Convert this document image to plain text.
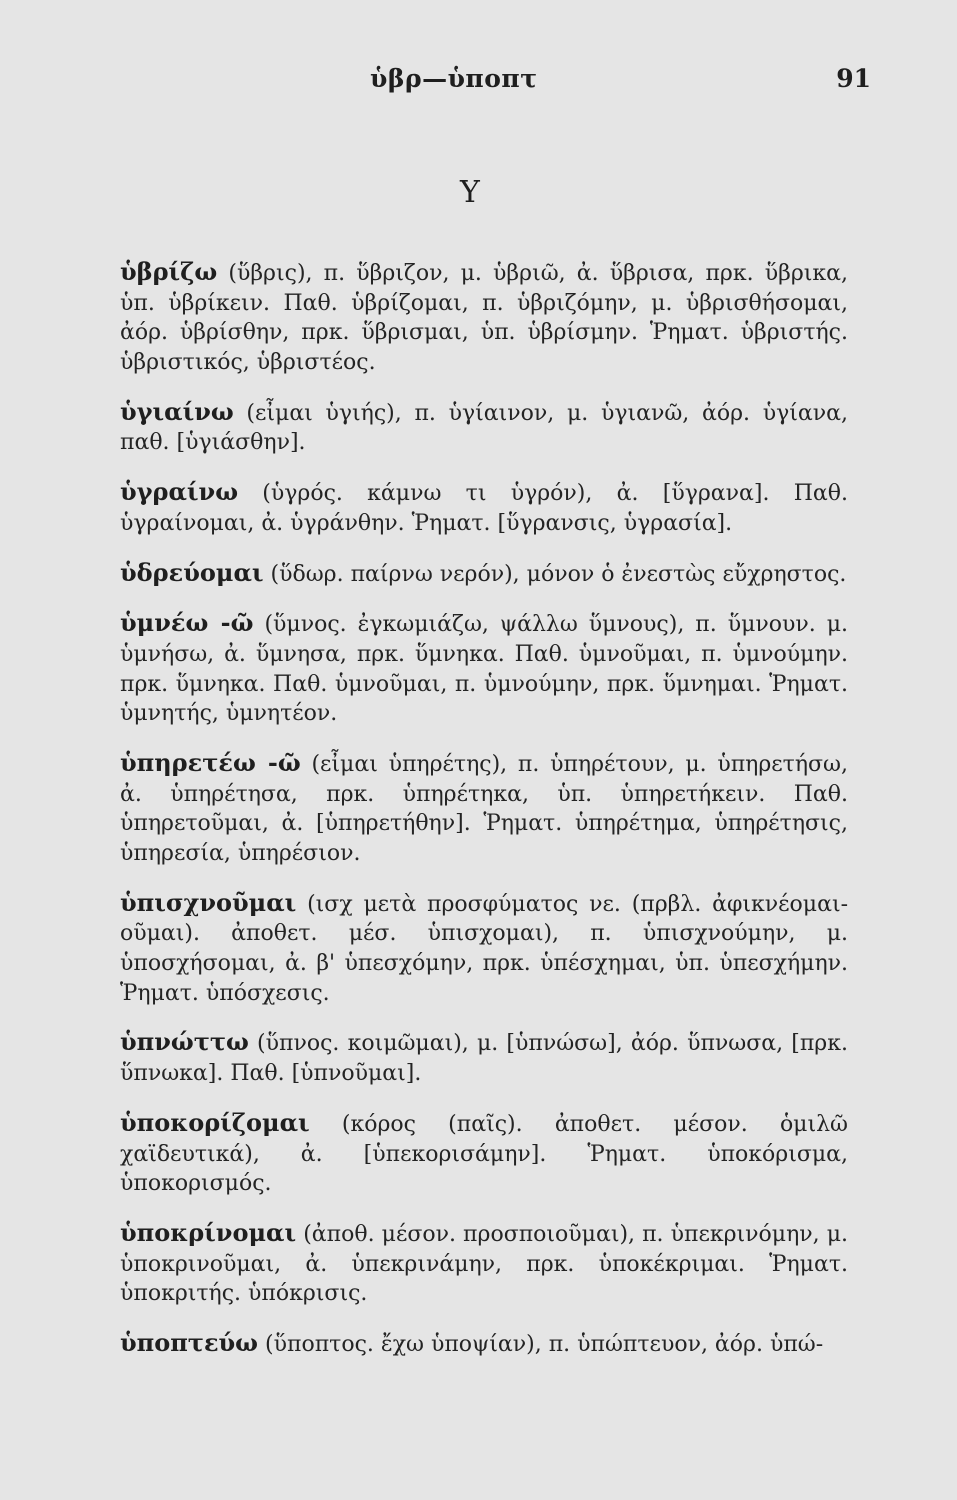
ὑβρ—ὑποπτ	91
Υ

ὑβρίζω (ὕβρις), π. ὕβριζον, μ. ὑβριῶ, ἀ. ὕβρισα, πρκ. ὕβρικα, ὑπ. ὑβρίκειν. Παθ. ὑβρίζομαι, π. ὑβριζόμην, μ. ὑβρισθήσομαι, ἀόρ. ὑβρίσθην, πρκ. ὕβρισμαι, ὑπ. ὑβρίσμην. Ῥηματ. ὑβριστής. ὑβριστικός, ὑβριστέος.

ὑγιαίνω (εἶμαι ὑγιής), π. ὑγίαινον, μ. ὑγιανῶ, ἀόρ. ὑγίανα, παθ. [ὑγιάσθην].

ὑγραίνω (ὑγρός. κάμνω τι ὑγρόν), ἀ. [ὕγρανα]. Παθ. ὑγραίνομαι, ἀ. ὑγράνθην. Ῥηματ. [ὕγρανσις, ὑγρασία].

ὑδρεύομαι (ὕδωρ. παίρνω νερόν), μόνον ὁ ἐνεστὼς εὔχρηστος.

ὑμνέω -ῶ (ὕμνος. ἐγκωμιάζω, ψάλλω ὕμνους), π. ὕμνουν. μ. ὑμνήσω, ἀ. ὕμνησα, πρκ. ὕμνηκα. Παθ. ὑμνοῦμαι, π. ὑμνούμην. πρκ. ὕμνηκα. Παθ. ὑμνοῦμαι, π. ὑμνούμην, πρκ. ὕμνημαι. Ῥηματ. ὑμνητής, ὑμνητέον.

ὑπηρετέω -ῶ (εἶμαι ὑπηρέτης), π. ὑπηρέτουν, μ. ὑπηρετήσω, ἀ. ὑπηρέτησα, πρκ. ὑπηρέτηκα, ὑπ. ὑπηρετήκειν. Παθ. ὑπηρετοῦμαι, ἀ. [ὑπηρετήθην]. Ῥηματ. ὑπηρέτημα, ὑπηρέτησις, ὑπηρεσία, ὑπηρέσιον.

ὑπισχνοῦμαι (ισχ μετὰ προσφύματος νε. (πρβλ. ἀφικνέομαι-οῦμαι). ἀποθετ. μέσ. ὑπισχομαι), π. ὑπισχνούμην, μ. ὑποσχήσομαι, ἀ. β' ὑπεσχόμην, πρκ. ὑπέσχημαι, ὑπ. ὑπεσχήμην. Ῥηματ. ὑπόσχεσις.

ὑπνώττω (ὕπνος. κοιμῶμαι), μ. [ὑπνώσω], ἀόρ. ὕπνωσα, [πρκ. ὕπνωκα]. Παθ. [ὑπνοῦμαι].

ὑποκορίζομαι (κόρος (παῖς). ἀποθετ. μέσον. ὁμιλῶ χαϊδευτικά), ἀ. [ὑπεκορισάμην]. Ῥηματ. ὑποκόρισμα, ὑποκορισμός.

ὑποκρίνομαι (ἀποθ. μέσον. προσποιοῦμαι), π. ὑπεκρινόμην, μ. ὑποκρινοῦμαι, ἀ. ὑπεκρινάμην, πρκ. ὑποκέκριμαι. Ῥηματ. ὑποκριτής. ὑπόκρισις.

ὑποπτεύω (ὕποπτος. ἔχω ὑποψίαν), π. ὑπώπτευον, ἀόρ. ὑπώ-
